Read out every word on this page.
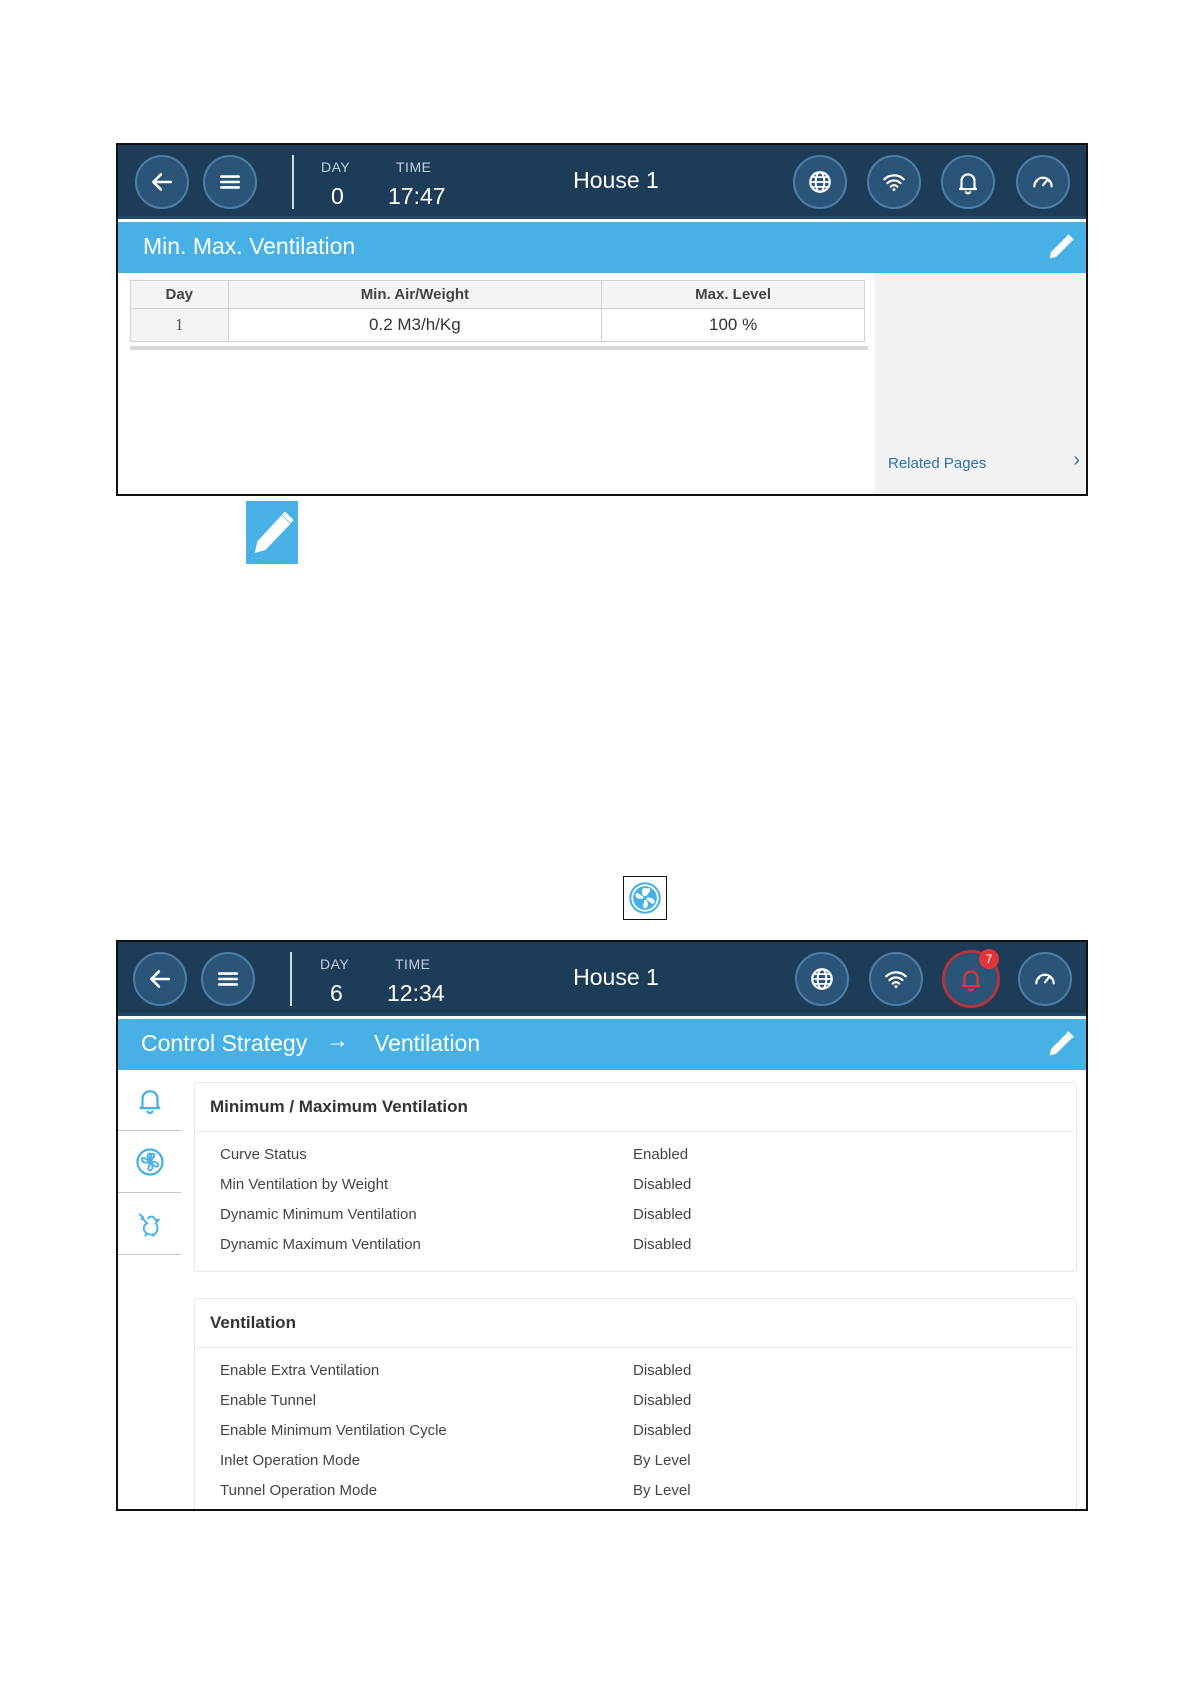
DAY
0
TIME
17:47
House 1
Min. Max. Ventilation
Day	Min. Air/Weight	Max. Level
1	0.2 M3/h/Kg	100 %
Related Pages	›
DAY
6
TIME
12:34
House 1
7
Control Strategy → Ventilation
Minimum / Maximum Ventilation
Curve Status	Enabled
Min Ventilation by Weight	Disabled
Dynamic Minimum Ventilation	Disabled
Dynamic Maximum Ventilation	Disabled
Ventilation
Enable Extra Ventilation	Disabled
Enable Tunnel	Disabled
Enable Minimum Ventilation Cycle	Disabled
Inlet Operation Mode	By Level
Tunnel Operation Mode	By Level
